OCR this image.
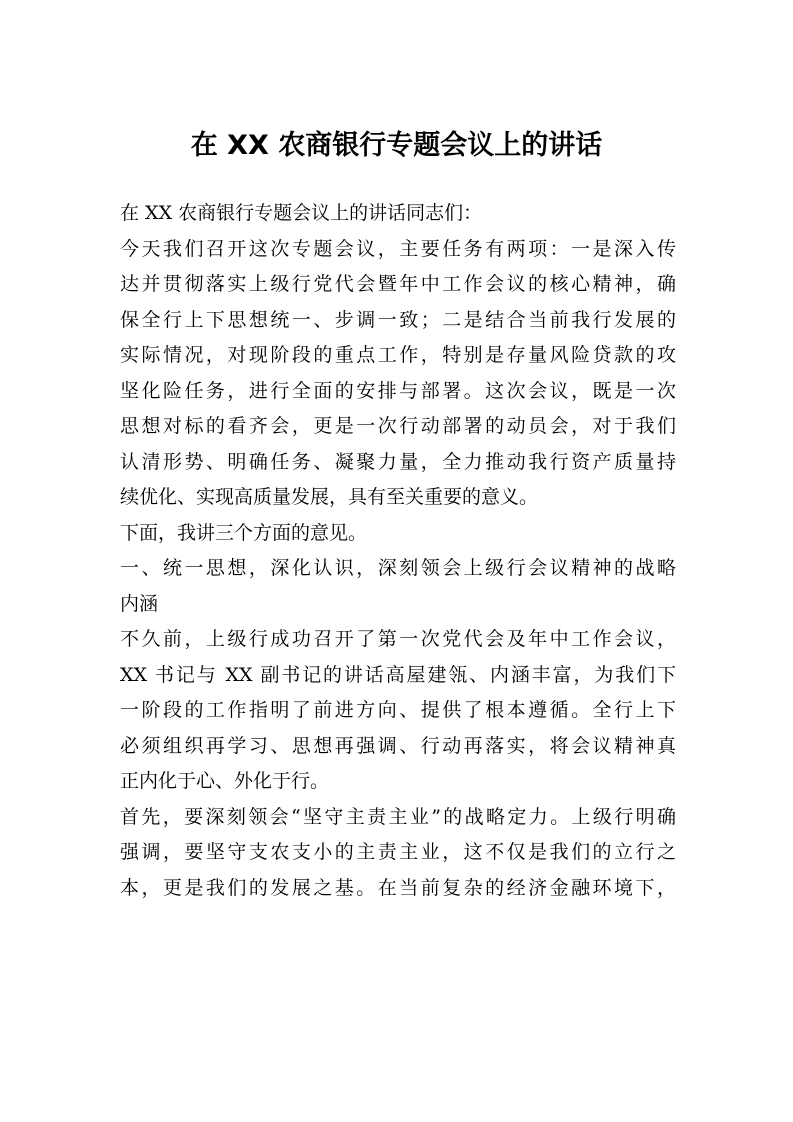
在 XX 农商银行专题会议上的讲话
在 XX 农商银行专题会议上的讲话同志们：
今天我们召开这次专题会议，主要任务有两项：一是深入传
达并贯彻落实上级行党代会暨年中工作会议的核心精神，确
保全行上下思想统一、步调一致；二是结合当前我行发展的
实际情况，对现阶段的重点工作，特别是存量风险贷款的攻
坚化险任务，进行全面的安排与部署。这次会议，既是一次
思想对标的看齐会，更是一次行动部署的动员会，对于我们
认清形势、明确任务、凝聚力量，全力推动我行资产质量持
续优化、实现高质量发展，具有至关重要的意义。
下面，我讲三个方面的意见。
一、统一思想，深化认识，深刻领会上级行会议精神的战略
内涵
不久前，上级行成功召开了第一次党代会及年中工作会议，
XX 书记与 XX 副书记的讲话高屋建瓴、内涵丰富，为我们下
一阶段的工作指明了前进方向、提供了根本遵循。全行上下
必须组织再学习、思想再强调、行动再落实，将会议精神真
正内化于心、外化于行。
首先，要深刻领会“坚守主责主业”的战略定力。上级行明确
强调，要坚守支农支小的主责主业，这不仅是我们的立行之
本，更是我们的发展之基。在当前复杂的经济金融环境下，
